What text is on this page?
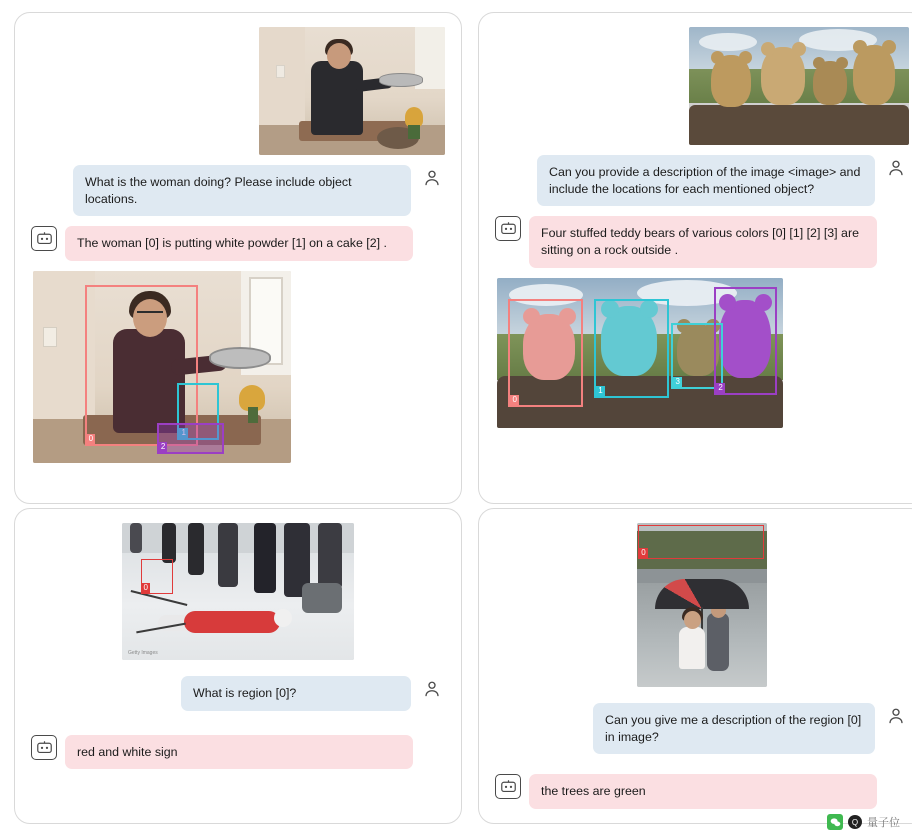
What is the woman doing? Please include object locations.
The woman [0] is putting white powder [1] on a cake [2] .
0
1
2
Can you provide a description of the image <image> and include the locations for each mentioned object?
Four stuffed teddy bears of various colors [0] [1] [2] [3] are sitting on a rock outside .
0
1
3
2
Getty Images
0
What is region [0]?
red and white sign
0
Can you give me a description of the region [0] in image?
the trees are green
Q 量子位
